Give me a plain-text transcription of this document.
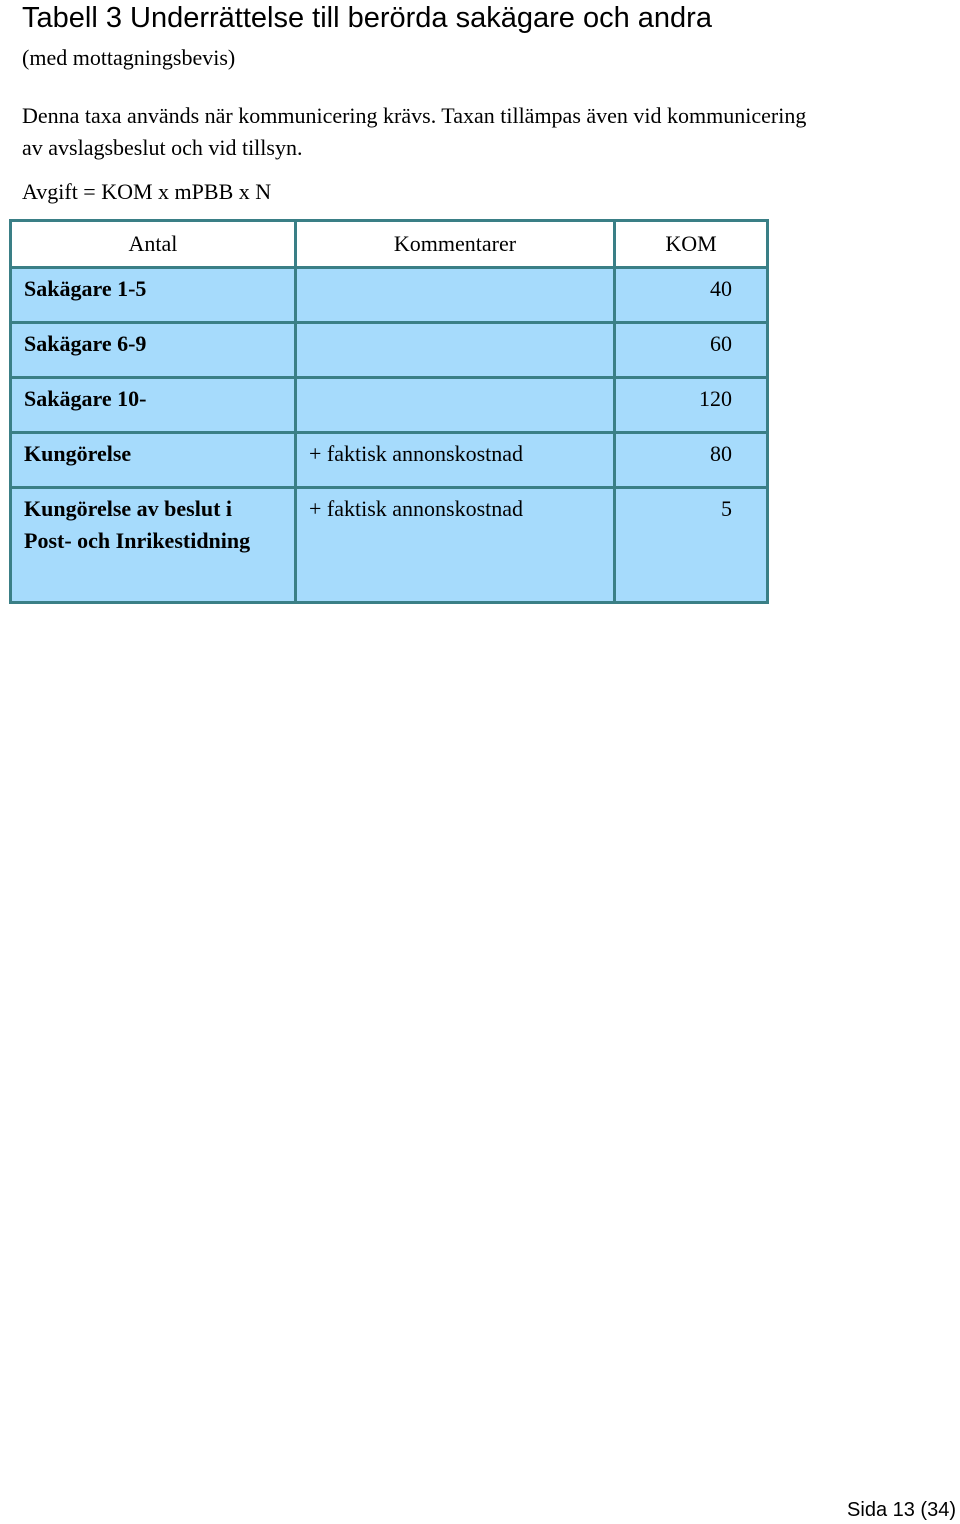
Tabell 3 Underrättelse till berörda sakägare och andra
(med mottagningsbevis)
Denna taxa används när kommunicering krävs. Taxan tillämpas även vid kommunicering
av avslagsbeslut och vid tillsyn.
Avgift = KOM x mPBB x N
Antal	Kommentarer	KOM
Sakägare 1-5		40
Sakägare 6-9		60
Sakägare 10-		120
Kungörelse	+ faktisk annonskostnad	80
Kungörelse av beslut i Post- och Inrikestidning	+ faktisk annonskostnad	5
Sida 13 (34)
